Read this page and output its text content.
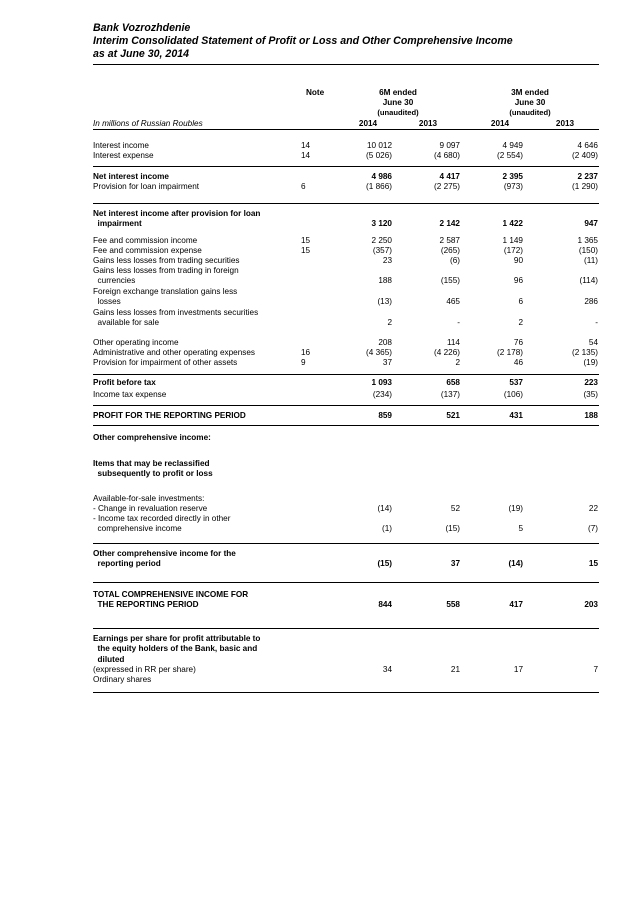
Bank Vozrozhdenie
Interim Consolidated Statement of Profit or Loss and Other Comprehensive Income
as at June 30, 2014
Note	6M ended
June 30
(unaudited)
3M ended
June 30
(unaudited)
In millions of Russian Roubles	2014	2013	2014	2013
Interest income	14	10 012	9 097	4 949	4 646
Interest expense	14	(5 026)	(4 680)	(2 554)	(2 409)
Net interest income	4 986	4 417	2 395	2 237
Provision for loan impairment	6	(1 866)	(2 275)	(973)	(1 290)
Net interest income after provision for loan
impairment	3 120	2 142	1 422	947
Fee and commission income	15	2 250	2 587	1 149	1 365
Fee and commission expense	15	(357)	(265)	(172)	(150)
Gains less losses from trading securities	23	(6)	90	(11)
Gains less losses from trading in foreign
currencies	188	(155)	96	(114)
Foreign exchange translation gains less
losses	(13)	465	6	286
Gains less losses from investments securities
available for sale	2	-	2	-
Other operating income	208	114	76	54
Administrative and other operating expenses	16	(4 365)	(4 226)	(2 178)	(2 135)
Provision for impairment of other assets	9	37	2	46	(19)
Profit before tax	1 093	658	537	223
Income tax expense	(234)	(137)	(106)	(35)
PROFIT FOR THE REPORTING PERIOD	859	521	431	188
Other comprehensive income:
Items that may be reclassified
subsequently to profit or loss
Available-for-sale investments:
- Change in revaluation reserve	(14)	52	(19)	22
- Income tax recorded directly in other
comprehensive income	(1)	(15)	5	(7)
Other comprehensive income for the
reporting period	(15)	37	(14)	15
TOTAL COMPREHENSIVE INCOME FOR
THE REPORTING PERIOD	844	558	417	203
Earnings per share for profit attributable to
the equity holders of the Bank, basic and
diluted
(expressed in RR per share)	34	21	17	7
Ordinary shares
